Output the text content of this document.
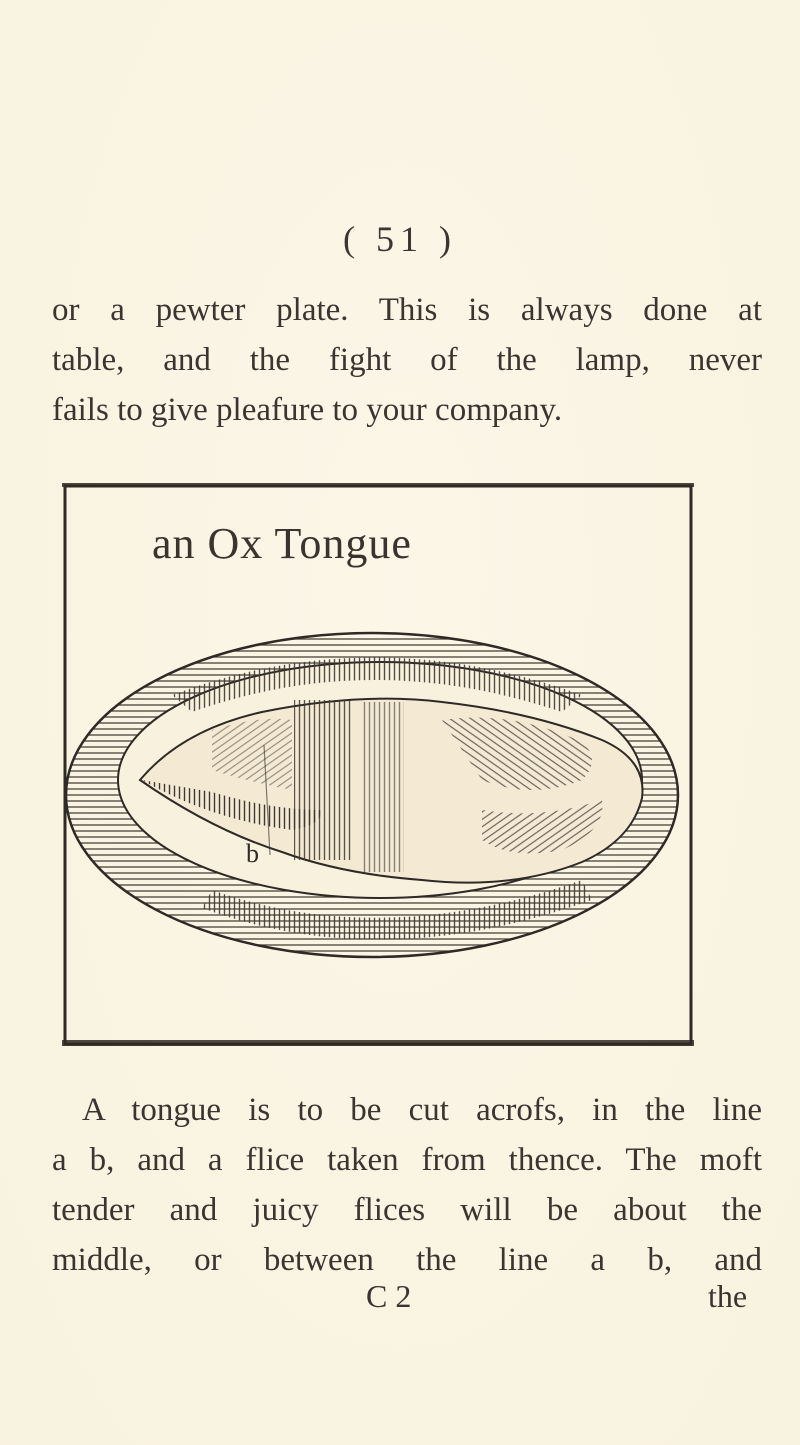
( 51 )

or a pewter plate. This is always done at
table, and the fight of the lamp, never
fails to give pleafure to your company.

b
an Ox Tongue

A tongue is to be cut acrofs, in the line
a b, and a flice taken from thence. The moft
tender and juicy flices will be about the
middle, or between the line a b, and

C 2	the
